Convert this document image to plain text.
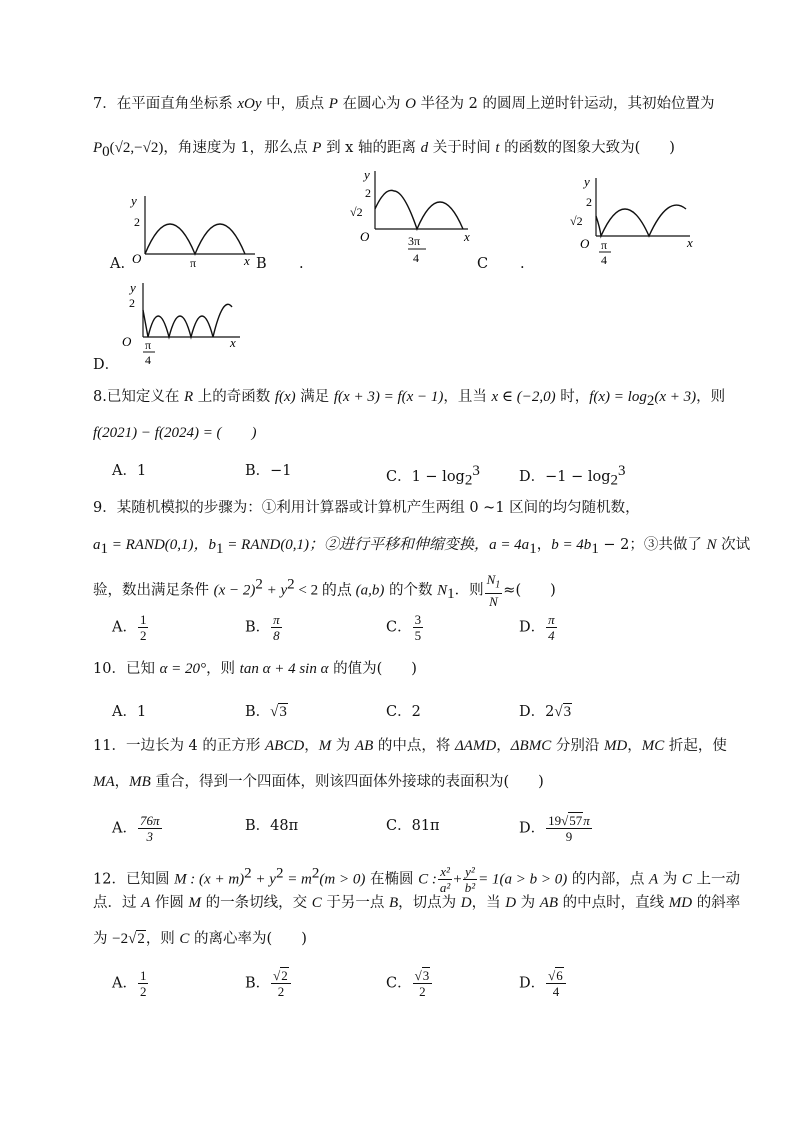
7．在平面直角坐标系 xOy 中，质点 P 在圆心为 O 半径为 2 的圆周上逆时针运动，其初始位置为
$P_0(√2,-√2)$，角速度为 1，那么点 P 到 x 轴的距离 d 关于时间 t 的函数的图象大致为(　　)
y
2
O	π	x
A.	B .
y
2
√2
O	3π
4
x
C .
y
2
√2
O π
4
x
y
2
O π
4
x
D．
8.已知定义在 R 上的奇函数 f(x) 满足 f(x + 3) = f(x − 1)，且当 x ∈ (−2,0) 时，$f(x) = \log_2(x + 3)$，则
f(2021) − f(2024) = (　　)
A．1	B．−1	C．$1 - \log_2^3$	D．$-1 - \log_2^3$
9．某随机模拟的步骤为：①利用计算器或计算机产生两组 0 ~1 区间的均匀随机数，
$a_1$ = RAND(0,1)，$b_1$ = RAND(0,1)；②进行平移和伸缩变换，$a = 4a_1$，$b = 4b_1 - 2$；③共做了 N 次试
验，数出满足条件 $(x - 2)^2 + y^2 < 2$ 的点 (a,b) 的个数 $N_1$．则 $\frac{N_1}{N}$ ≈(　　)
A． $\frac{1}{2}$	B． $\frac{\pi}{8}$	C． $\frac{3}{5}$	D． $\frac{\pi}{4}$
10．已知 α = 20°，则 tan α + 4 sin α 的值为(　　)
A．1	B．√3	C．2	D．2√3
11．一边长为 4 的正方形 ABCD，M 为 AB 的中点，将 ΔAMD，ΔBMC 分别沿 MD，MC 折起，使
MA，MB 重合，得到一个四面体，则该四面体外接球的表面积为(　　)
A． $\frac{76\pi}{3}$	B．48π	C．81π	D． $\frac{19√57\pi}{9}$
12．已知圆 M : $(x + m)^2 + y^2 = m^2(m > 0)$ 在椭圆 C : $\frac{\text{x²}}{\text{a²}} + \frac{\text{y²}}{\text{b²}} = 1(a > b > 0)$ 的内部，点 A 为 C 上一动
点．过 A 作圆 M 的一条切线，交 C 于另一点 B，切点为 D，当 D 为 AB 的中点时，直线 MD 的斜率
为 −2√2，则 C 的离心率为(　　)
A． $\frac{1}{2}$	B． $\frac{√2}{2}$	C． $\frac{√3}{2}$	D． $\frac{√6}{4}$
